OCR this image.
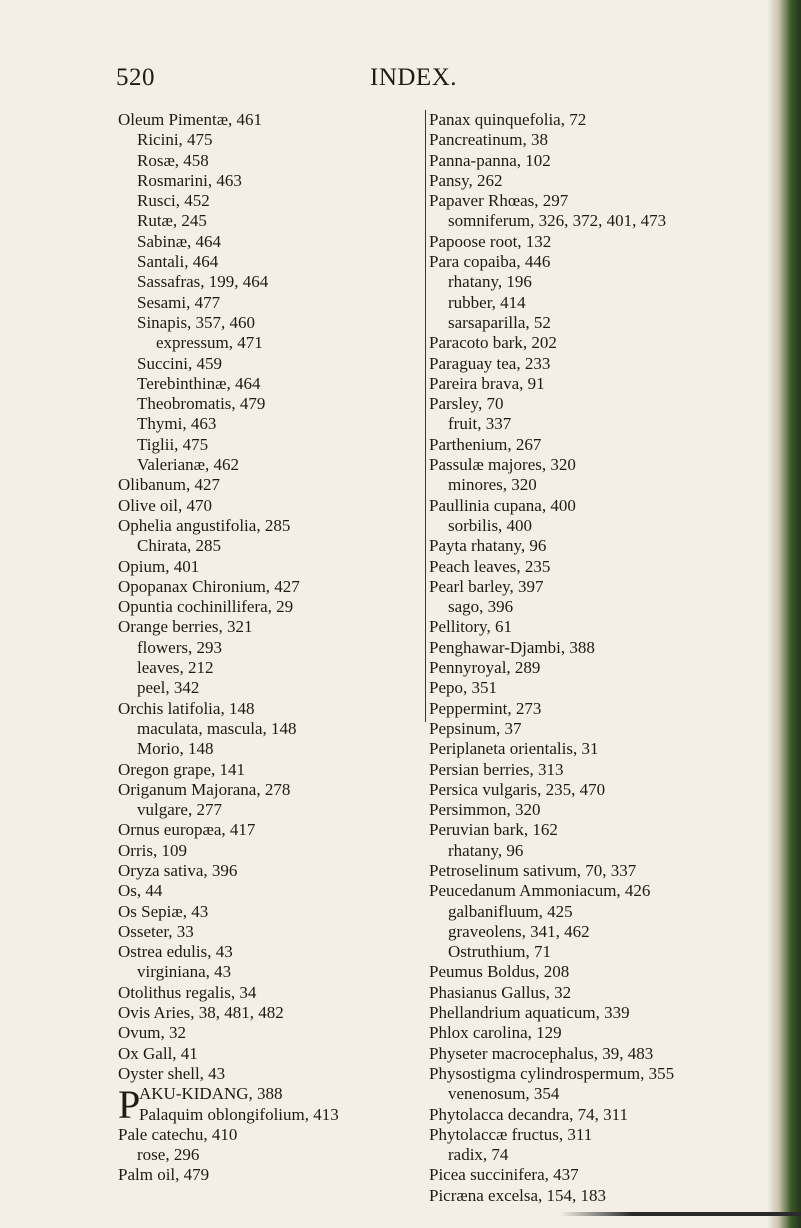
520	INDEX.
Oleum Pimentæ, 461
Ricini, 475
Rosæ, 458
Rosmarini, 463
Rusci, 452
Rutæ, 245
Sabinæ, 464
Santali, 464
Sassafras, 199, 464
Sesami, 477
Sinapis, 357, 460
expressum, 471
Succini, 459
Terebinthinæ, 464
Theobromatis, 479
Thymi, 463
Tiglii, 475
Valerianæ, 462
Olibanum, 427
Olive oil, 470
Ophelia angustifolia, 285
Chirata, 285
Opium, 401
Opopanax Chironium, 427
Opuntia cochinillifera, 29
Orange berries, 321
flowers, 293
leaves, 212
peel, 342
Orchis latifolia, 148
maculata, mascula, 148
Morio, 148
Oregon grape, 141
Origanum Majorana, 278
vulgare, 277
Ornus europæa, 417
Orris, 109
Oryza sativa, 396
Os, 44
Os Sepiæ, 43
Osseter, 33
Ostrea edulis, 43
virginiana, 43
Otolithus regalis, 34
Ovis Aries, 38, 481, 482
Ovum, 32
Ox Gall, 41
Oyster shell, 43
P
AKU-KIDANG, 388
Palaquim oblongifolium, 413
Pale catechu, 410
rose, 296
Palm oil, 479
Panax quinquefolia, 72
Pancreatinum, 38
Panna-panna, 102
Pansy, 262
Papaver Rhœas, 297
somniferum, 326, 372, 401, 473
Papoose root, 132
Para copaiba, 446
rhatany, 196
rubber, 414
sarsaparilla, 52
Paracoto bark, 202
Paraguay tea, 233
Pareira brava, 91
Parsley, 70
fruit, 337
Parthenium, 267
Passulæ majores, 320
minores, 320
Paullinia cupana, 400
sorbilis, 400
Payta rhatany, 96
Peach leaves, 235
Pearl barley, 397
sago, 396
Pellitory, 61
Penghawar-Djambi, 388
Pennyroyal, 289
Pepo, 351
Peppermint, 273
Pepsinum, 37
Periplaneta orientalis, 31
Persian berries, 313
Persica vulgaris, 235, 470
Persimmon, 320
Peruvian bark, 162
rhatany, 96
Petroselinum sativum, 70, 337
Peucedanum Ammoniacum, 426
galbanifluum, 425
graveolens, 341, 462
Ostruthium, 71
Peumus Boldus, 208
Phasianus Gallus, 32
Phellandrium aquaticum, 339
Phlox carolina, 129
Physeter macrocephalus, 39, 483
Physostigma cylindrospermum, 355
venenosum, 354
Phytolacca decandra, 74, 311
Phytolaccæ fructus, 311
radix, 74
Picea succinifera, 437
Picræna excelsa, 154, 183
